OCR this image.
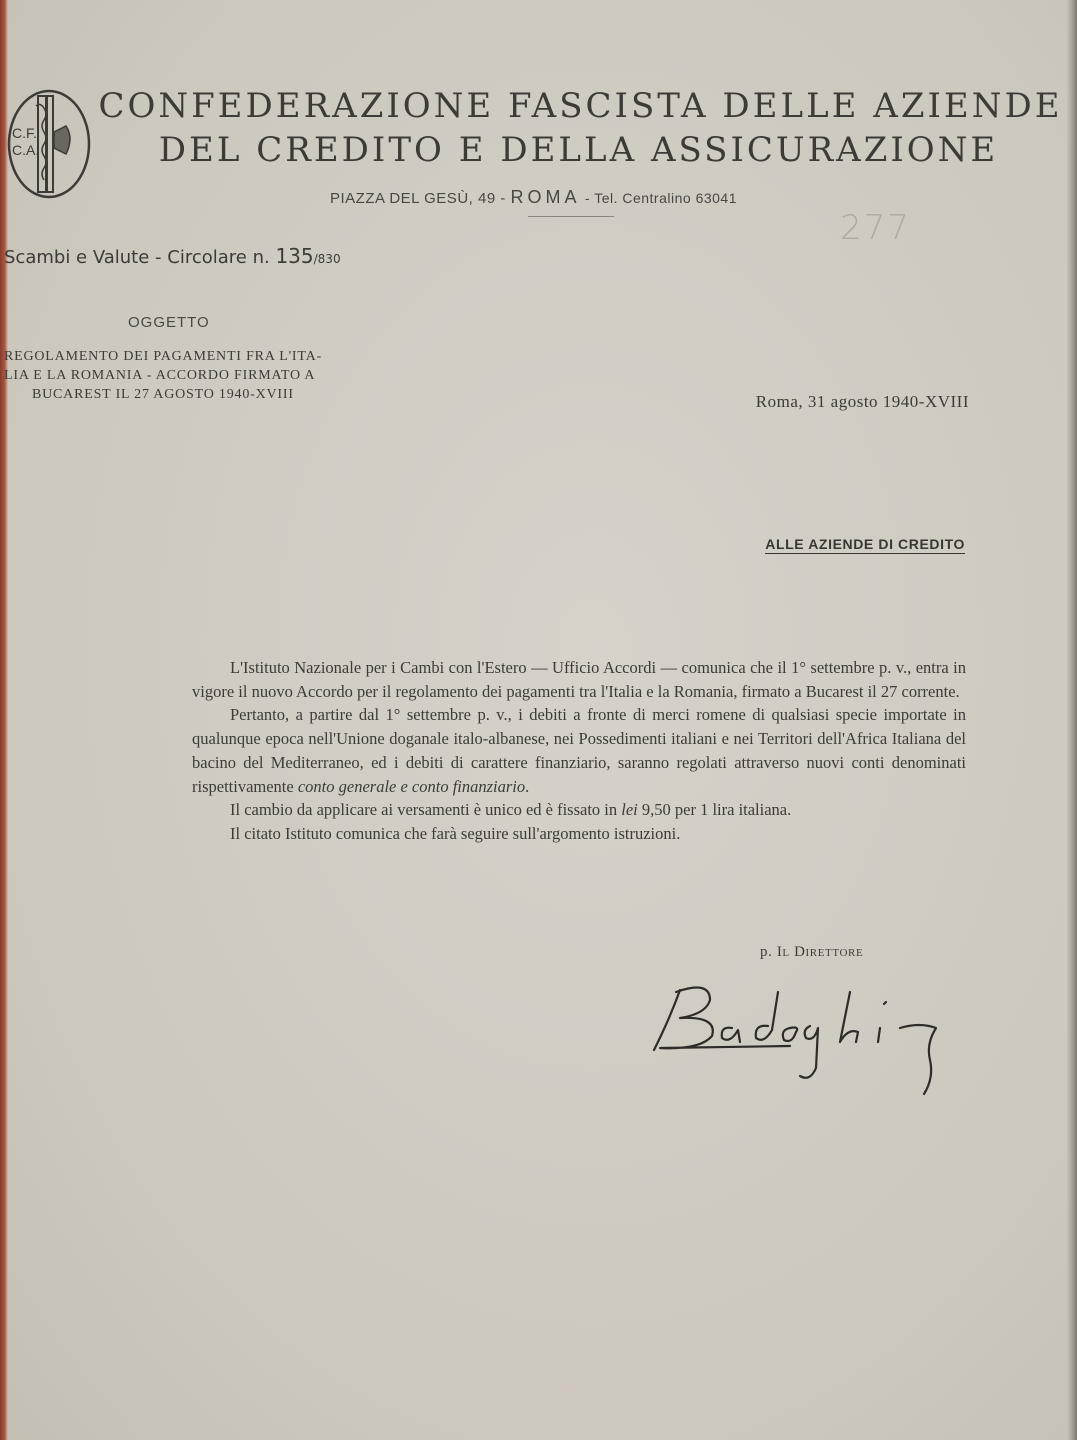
C.F.
C.A.
CONFEDERAZIONE FASCISTA DELLE AZIENDE
DEL CREDITO E DELLA ASSICURAZIONE
PIAZZA DEL GESÙ, 49 - ROMA - Tel. Centralino 63041
277
Scambi e Valute - Circolare n. 135/830
OGGETTO
REGOLAMENTO DEI PAGAMENTI FRA L'ITA-
LIA E LA ROMANIA - ACCORDO FIRMATO A
BUCAREST IL 27 AGOSTO 1940-XVIII	Roma, 31 agosto 1940-XVIII
ALLE AZIENDE DI CREDITO

L'Istituto Nazionale per i Cambi con l'Estero — Ufficio Accordi — comunica che il 1° settembre p. v., entra in vigore il nuovo Accordo per il regolamento dei pagamenti tra l'Italia e la Romania, firmato a Bucarest il 27 corrente.

Pertanto, a partire dal 1° settembre p. v., i debiti a fronte di merci romene di qualsiasi specie importate in qualunque epoca nell'Unione doganale italo-albanese, nei Possedimenti italiani e nei Territori dell'Africa Italiana del bacino del Mediterraneo, ed i debiti di carattere finanziario, saranno regolati attraverso nuovi conti denominati rispettivamente conto generale e conto finanziario.

Il cambio da applicare ai versamenti è unico ed è fissato in lei 9,50 per 1 lira italiana.

Il citato Istituto comunica che farà seguire sull'argomento istruzioni.

p. Il Direttore
